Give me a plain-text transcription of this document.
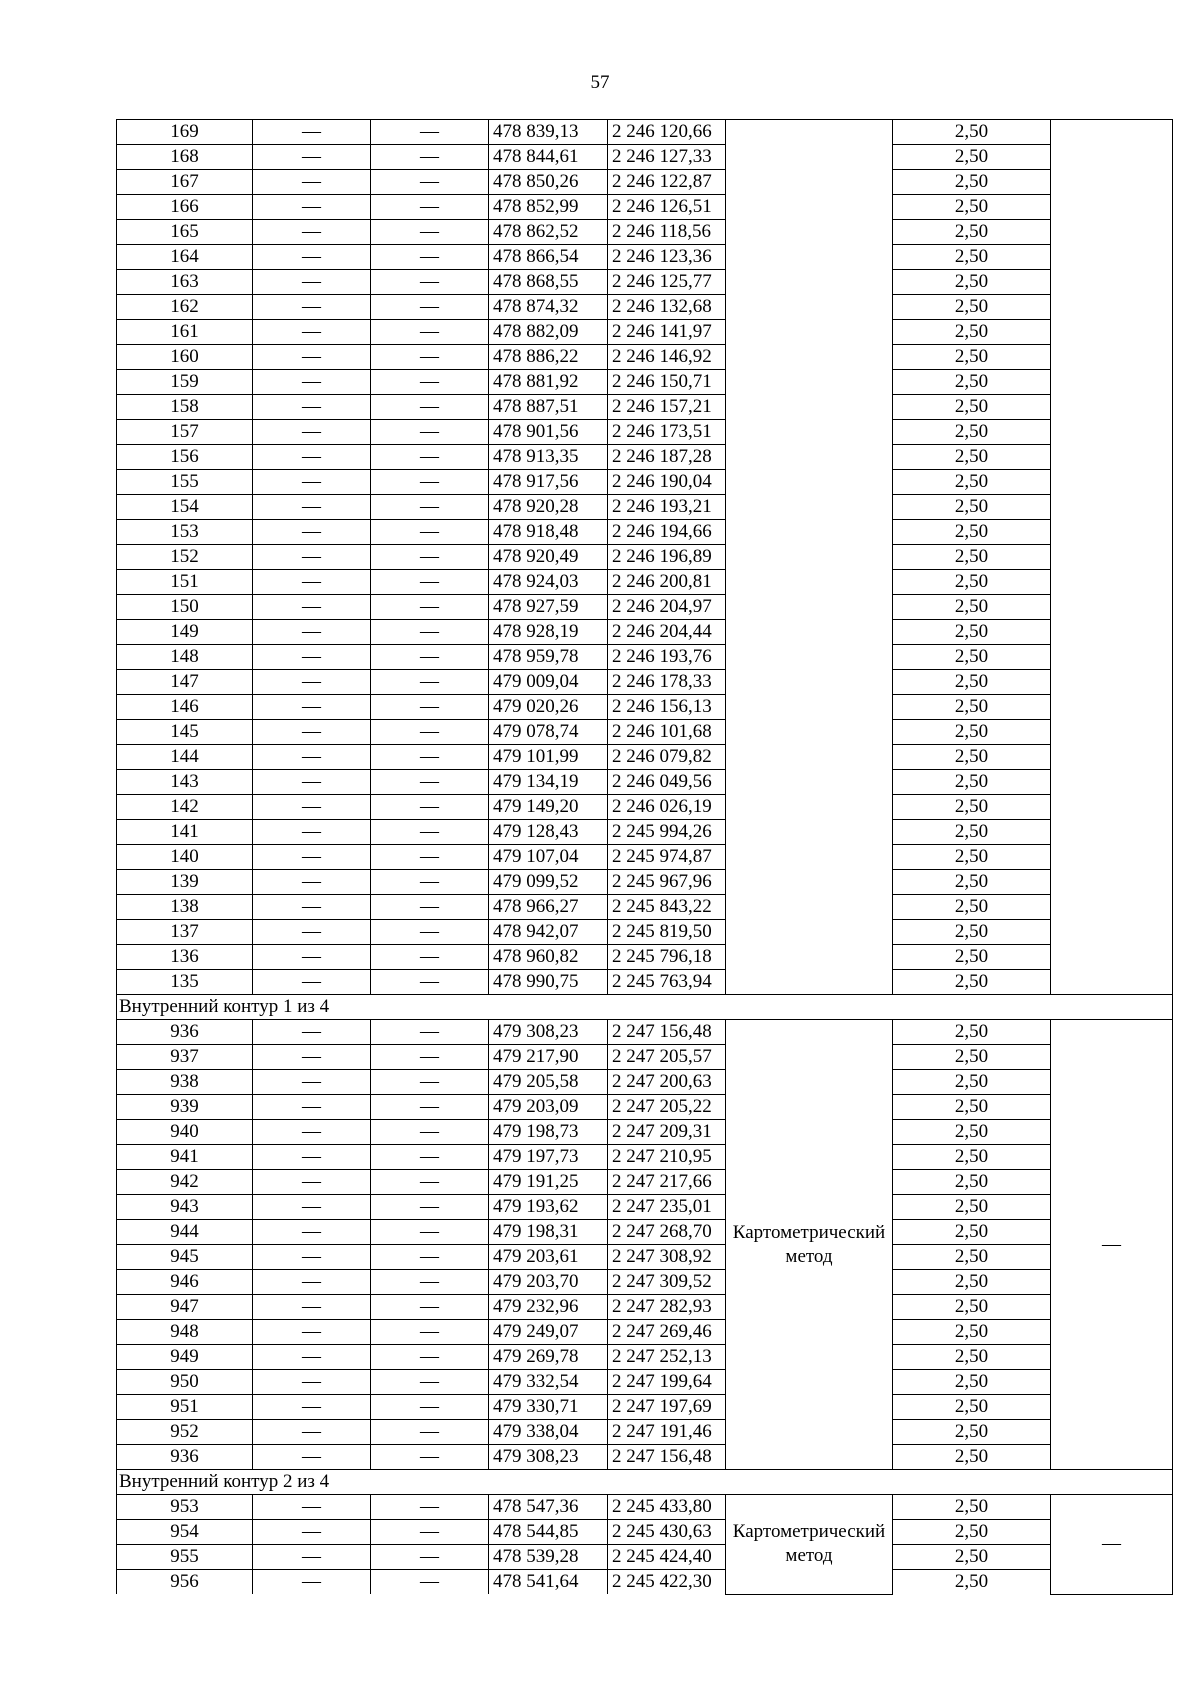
57
169	—	—	478 839,13	2 246 120,66		2,50	
168	—	—	478 844,61	2 246 127,33		2,50	
167	—	—	478 850,26	2 246 122,87		2,50	
166	—	—	478 852,99	2 246 126,51		2,50	
165	—	—	478 862,52	2 246 118,56		2,50	
164	—	—	478 866,54	2 246 123,36		2,50	
163	—	—	478 868,55	2 246 125,77		2,50	
162	—	—	478 874,32	2 246 132,68		2,50	
161	—	—	478 882,09	2 246 141,97		2,50	
160	—	—	478 886,22	2 246 146,92		2,50	
159	—	—	478 881,92	2 246 150,71		2,50	
158	—	—	478 887,51	2 246 157,21		2,50	
157	—	—	478 901,56	2 246 173,51		2,50	
156	—	—	478 913,35	2 246 187,28		2,50	
155	—	—	478 917,56	2 246 190,04		2,50	
154	—	—	478 920,28	2 246 193,21		2,50	
153	—	—	478 918,48	2 246 194,66		2,50	
152	—	—	478 920,49	2 246 196,89		2,50	
151	—	—	478 924,03	2 246 200,81		2,50	
150	—	—	478 927,59	2 246 204,97		2,50	
149	—	—	478 928,19	2 246 204,44		2,50	
148	—	—	478 959,78	2 246 193,76		2,50	
147	—	—	479 009,04	2 246 178,33		2,50	
146	—	—	479 020,26	2 246 156,13		2,50	
145	—	—	479 078,74	2 246 101,68		2,50	
144	—	—	479 101,99	2 246 079,82		2,50	
143	—	—	479 134,19	2 246 049,56		2,50	
142	—	—	479 149,20	2 246 026,19		2,50	
141	—	—	479 128,43	2 245 994,26		2,50	
140	—	—	479 107,04	2 245 974,87		2,50	
139	—	—	479 099,52	2 245 967,96		2,50	
138	—	—	478 966,27	2 245 843,22		2,50	
137	—	—	478 942,07	2 245 819,50		2,50	
136	—	—	478 960,82	2 245 796,18		2,50	
135	—	—	478 990,75	2 245 763,94		2,50	
Внутренний контур 1 из 4							
936	—	—	479 308,23	2 247 156,48	Картометрический метод	2,50	—
937	—	—	479 217,90	2 247 205,57		2,50	
938	—	—	479 205,58	2 247 200,63		2,50	
939	—	—	479 203,09	2 247 205,22		2,50	
940	—	—	479 198,73	2 247 209,31		2,50	
941	—	—	479 197,73	2 247 210,95		2,50	
942	—	—	479 191,25	2 247 217,66		2,50	
943	—	—	479 193,62	2 247 235,01		2,50	
944	—	—	479 198,31	2 247 268,70		2,50	
945	—	—	479 203,61	2 247 308,92		2,50	
946	—	—	479 203,70	2 247 309,52		2,50	
947	—	—	479 232,96	2 247 282,93		2,50	
948	—	—	479 249,07	2 247 269,46		2,50	
949	—	—	479 269,78	2 247 252,13		2,50	
950	—	—	479 332,54	2 247 199,64		2,50	
951	—	—	479 330,71	2 247 197,69		2,50	
952	—	—	479 338,04	2 247 191,46		2,50	
936	—	—	479 308,23	2 247 156,48		2,50	
Внутренний контур 2 из 4							
953	—	—	478 547,36	2 245 433,80	Картометрический метод	2,50	—
954	—	—	478 544,85	2 245 430,63		2,50	
955	—	—	478 539,28	2 245 424,40		2,50	
956	—	—	478 541,64	2 245 422,30		2,50	
